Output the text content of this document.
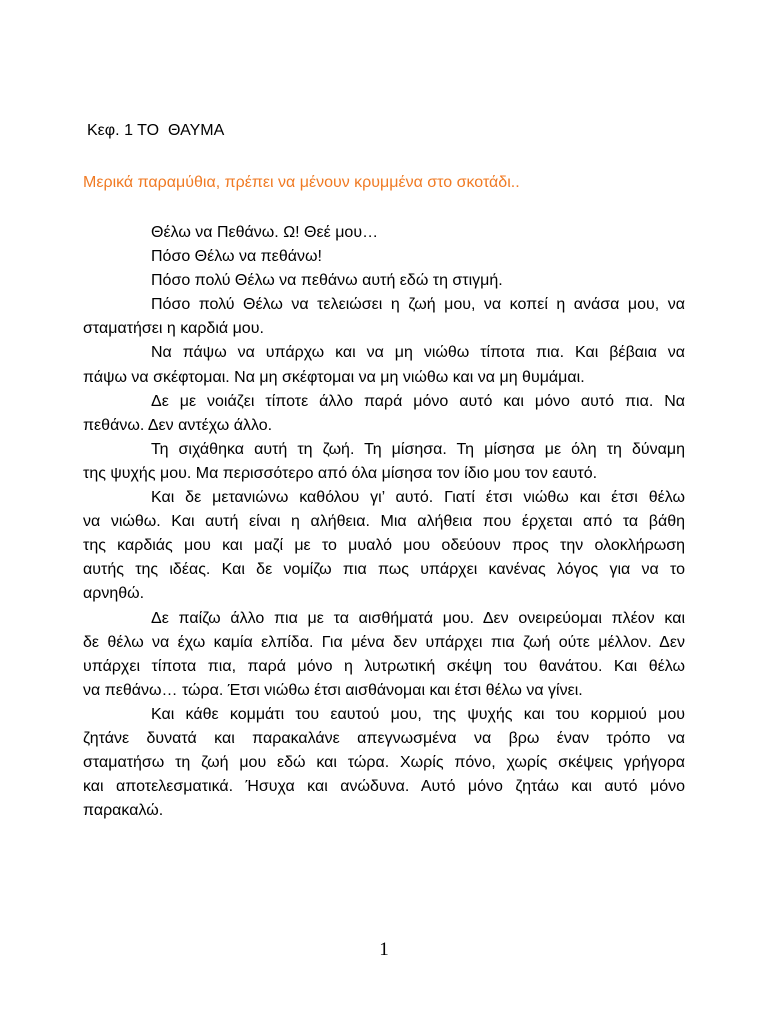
Κεφ. 1 ΤΟ  ΘΑΥΜΑ

Μερικά παραμύθια, πρέπει να μένουν κρυμμένα στο σκοτάδι..

Θέλω να Πεθάνω. Ω! Θεέ μου…
Πόσο Θέλω να πεθάνω!
Πόσο πολύ Θέλω να πεθάνω αυτή εδώ τη στιγμή.
Πόσο πολύ Θέλω να τελειώσει η ζωή μου, να κοπεί η ανάσα μου, να
σταματήσει η καρδιά μου.
Να πάψω να υπάρχω και να μη νιώθω τίποτα πια. Και βέβαια να
πάψω να σκέφτομαι. Να μη σκέφτομαι να μη νιώθω και να μη θυμάμαι.
Δε με νοιάζει τίποτε άλλο παρά μόνο αυτό και μόνο αυτό πια. Να
πεθάνω. Δεν αντέχω άλλο.
Τη σιχάθηκα αυτή τη ζωή. Τη μίσησα. Τη μίσησα με όλη τη δύναμη
της ψυχής μου. Μα περισσότερο από όλα μίσησα τον ίδιο μου τον εαυτό.
Και δε μετανιώνω καθόλου γι’ αυτό. Γιατί έτσι νιώθω και έτσι θέλω
να νιώθω. Και αυτή είναι η αλήθεια. Μια αλήθεια που έρχεται από τα βάθη
της καρδιάς μου και μαζί με το μυαλό μου οδεύουν προς την ολοκλήρωση
αυτής της ιδέας. Και δε νομίζω πια πως υπάρχει κανένας λόγος για να το
αρνηθώ.
Δε παίζω άλλο πια με τα αισθήματά μου. Δεν ονειρεύομαι πλέον και
δε θέλω να έχω καμία ελπίδα. Για μένα δεν υπάρχει πια ζωή ούτε μέλλον. Δεν
υπάρχει τίποτα πια, παρά μόνο η λυτρωτική σκέψη του θανάτου. Και θέλω
να πεθάνω… τώρα. Έτσι νιώθω έτσι αισθάνομαι και έτσι θέλω να γίνει.
Και κάθε κομμάτι του εαυτού μου, της ψυχής και του κορμιού μου
ζητάνε δυνατά και παρακαλάνε απεγνωσμένα να βρω έναν τρόπο να
σταματήσω τη ζωή μου εδώ και τώρα. Χωρίς πόνο, χωρίς σκέψεις γρήγορα
και αποτελεσματικά. Ήσυχα και ανώδυνα. Αυτό μόνο ζητάω και αυτό μόνο
παρακαλώ.
1
